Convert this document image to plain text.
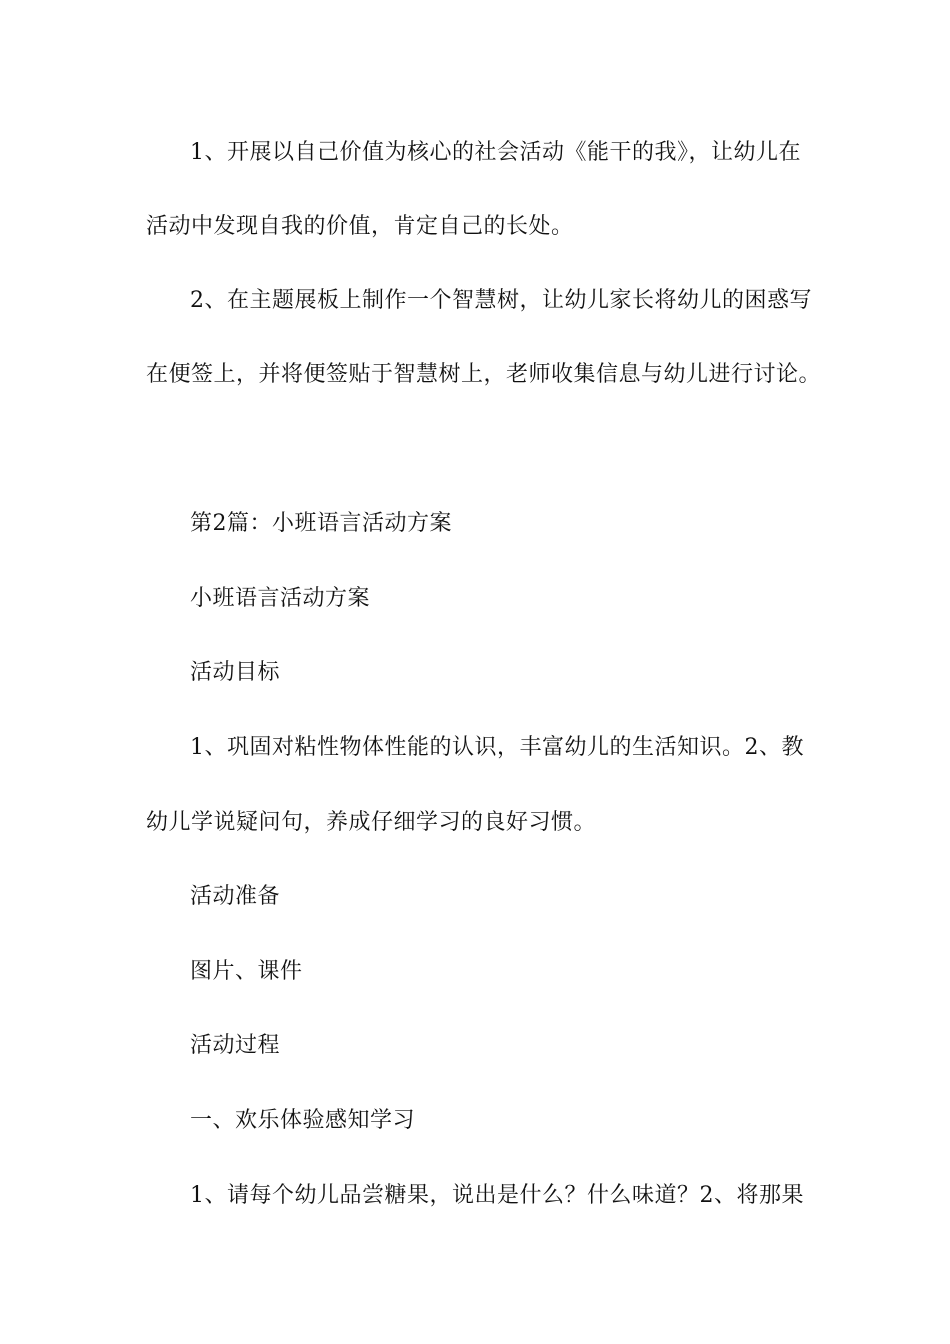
1、开展以自己价值为核心的社会活动《能干的我》，让幼儿在
活动中发现自我的价值，肯定自己的长处。
2、在主题展板上制作一个智慧树，让幼儿家长将幼儿的困惑写
在便签上，并将便签贴于智慧树上，老师收集信息与幼儿进行讨论。
第2篇：小班语言活动方案
小班语言活动方案
活动目标
1、巩固对粘性物体性能的认识，丰富幼儿的生活知识。2、教
幼儿学说疑问句，养成仔细学习的良好习惯。
活动准备
图片、课件
活动过程
一、欢乐体验感知学习
1、请每个幼儿品尝糖果，说出是什么？什么味道？2、将那果
